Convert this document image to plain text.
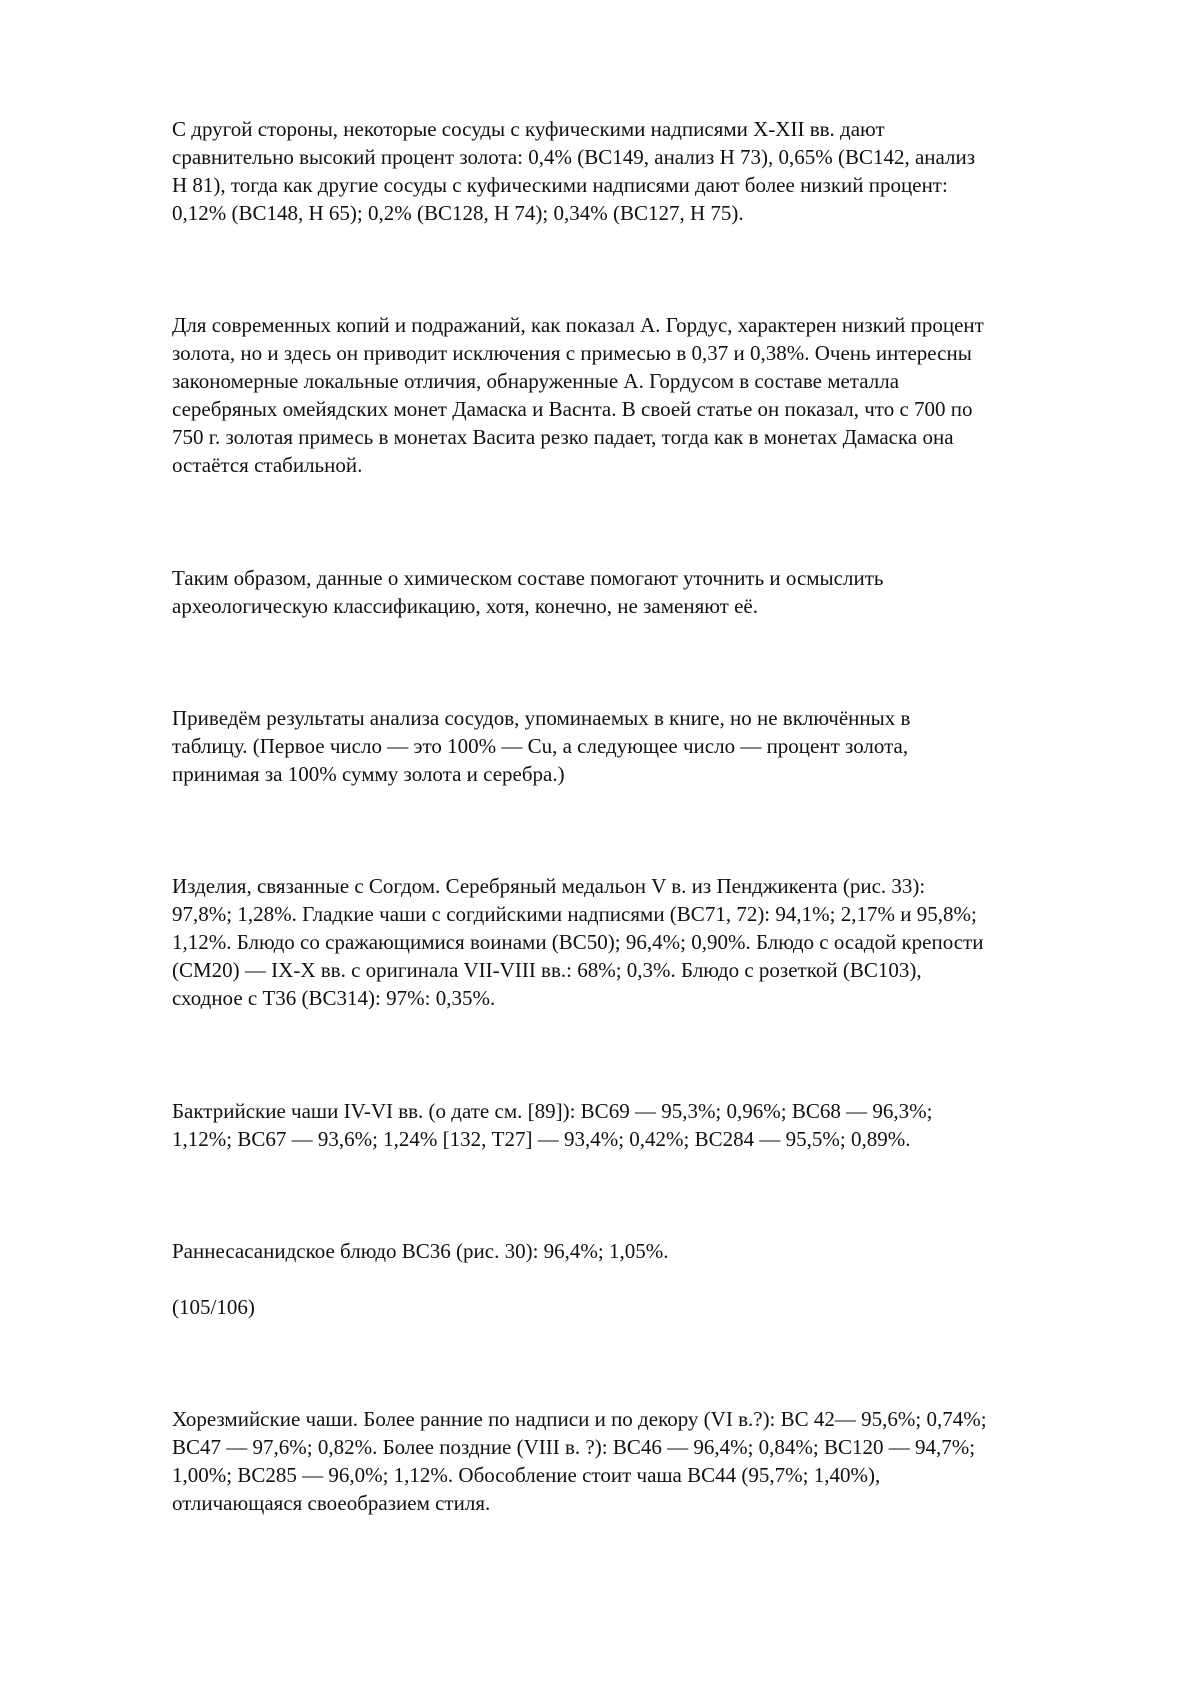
С другой стороны, некоторые сосуды с куфическими надписями X-XII вв. дают
сравнительно высокий процент золота: 0,4% (ВС149, анализ Н 73), 0,65% (ВС142, анализ
Н 81), тогда как другие сосуды с куфическими надписями дают более низкий процент:
0,12% (ВС148, Н 65); 0,2% (ВС128, Н 74); 0,34% (ВС127, Н 75).

Для современных копий и подражаний, как показал А. Гордус, характерен низкий процент
золота, но и здесь он приводит исключения с примесью в 0,37 и 0,38%. Очень интересны
закономерные локальные отличия, обнаруженные А. Гордусом в составе металла
серебряных омейядских монет Дамаска и Васнта. В своей статье он показал, что с 700 по
750 г. золотая примесь в монетах Васита резко падает, тогда как в монетах Дамаска она
остаётся стабильной.

Таким образом, данные о химическом составе помогают уточнить и осмыслить
археологическую классификацию, хотя, конечно, не заменяют её.

Приведём результаты анализа сосудов, упоминаемых в книге, но не включённых в
таблицу. (Первое число — это 100% — Cu, а следующее число — процент золота,
принимая за 100% сумму золота и серебра.)

Изделия, связанные с Согдом. Серебряный медальон V в. из Пенджикента (рис. 33):
97,8%; 1,28%. Гладкие чаши с согдийскими надписями (ВС71, 72): 94,1%; 2,17% и 95,8%;
1,12%. Блюдо со сражающимися воинами (ВС50); 96,4%; 0,90%. Блюдо с осадой крепости
(СМ20) — IX-X вв. с оригинала VII-VIII вв.: 68%; 0,3%. Блюдо с розеткой (ВС103),
сходное с Т36 (ВС314): 97%: 0,35%.

Бактрийские чаши IV-VI вв. (о дате см. [89]): ВС69 — 95,3%; 0,96%; ВС68 — 96,3%;
1,12%; ВС67 — 93,6%; 1,24% [132, Т27] — 93,4%; 0,42%; ВС284 — 95,5%; 0,89%.

Раннесасанидское блюдо ВС36 (рис. 30): 96,4%; 1,05%.

(105/106)

Хорезмийские чаши. Более ранние по надписи и по декору (VI в.?): ВС 42— 95,6%; 0,74%;
ВС47 — 97,6%; 0,82%. Более поздние (VIII в. ?): ВС46 — 96,4%; 0,84%; ВС120 — 94,7%;
1,00%; ВС285 — 96,0%; 1,12%. Обособление стоит чаша ВС44 (95,7%; 1,40%),
отличающаяся своеобразием стиля.
